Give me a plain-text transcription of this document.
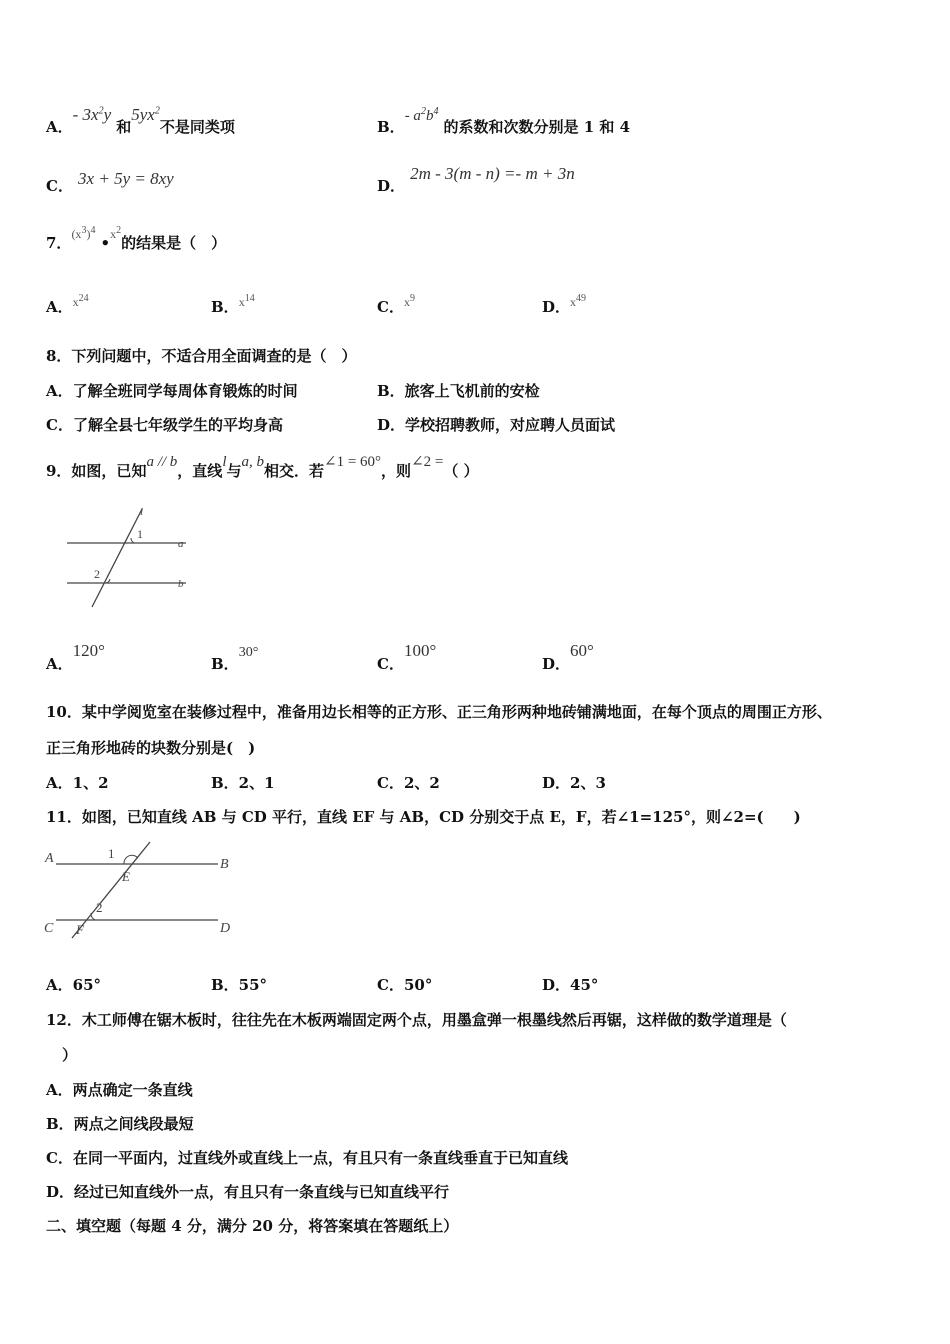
A．- $3x^2y$ 和$5yx^2$不是同类项	B．- $a^2b^4$ 的系数和次数分别是 1 和 4
C． 3x + 5y = 8xy	D． 2m - 3(m - n) =- m + 3n
7．$^{(x^3)^4}$ •$^{x^2}$的结果是（　）
A．$x^{24}$	B．$x^{14}$	C．$x^9$	D．$x^{49}$
8．下列问题中，不适合用全面调查的是（　）
A．了解全班同学每周体育锻炼的时间	B．旅客上飞机前的安检
C．了解全县七年级学生的平均身高	D．学校招聘教师，对应聘人员面试
9．如图，已知a // b，直线l与a, b相交．若∠1 = 60°，则∠2 =（ ）
l
1
a
2
b
A．120°
B．30°
C．100°
D．60°
10．某中学阅览室在装修过程中，准备用边长相等的正方形、正三角形两种地砖铺满地面，在每个顶点的周围正方形、
正三角形地砖的块数分别是(　)
A．1、2	B．2、1	C．2、2	D．2、3
11．如图，已知直线 AB 与 CD 平行，直线 EF 与 AB，CD 分别交于点 E，F，若∠1=125°，则∠2=(　　)
A	1
B
E
2
C F	D
A．65°	B．55°	C．50°	D．45°
12．木工师傅在锯木板时，往往先在木板两端固定两个点，用墨盒弹一根墨线然后再锯，这样做的数学道理是（
）
A．两点确定一条直线
B．两点之间线段最短
C．在同一平面内，过直线外或直线上一点，有且只有一条直线垂直于已知直线
D．经过已知直线外一点，有且只有一条直线与已知直线平行
二、填空题（每题 4 分，满分 20 分，将答案填在答题纸上）
